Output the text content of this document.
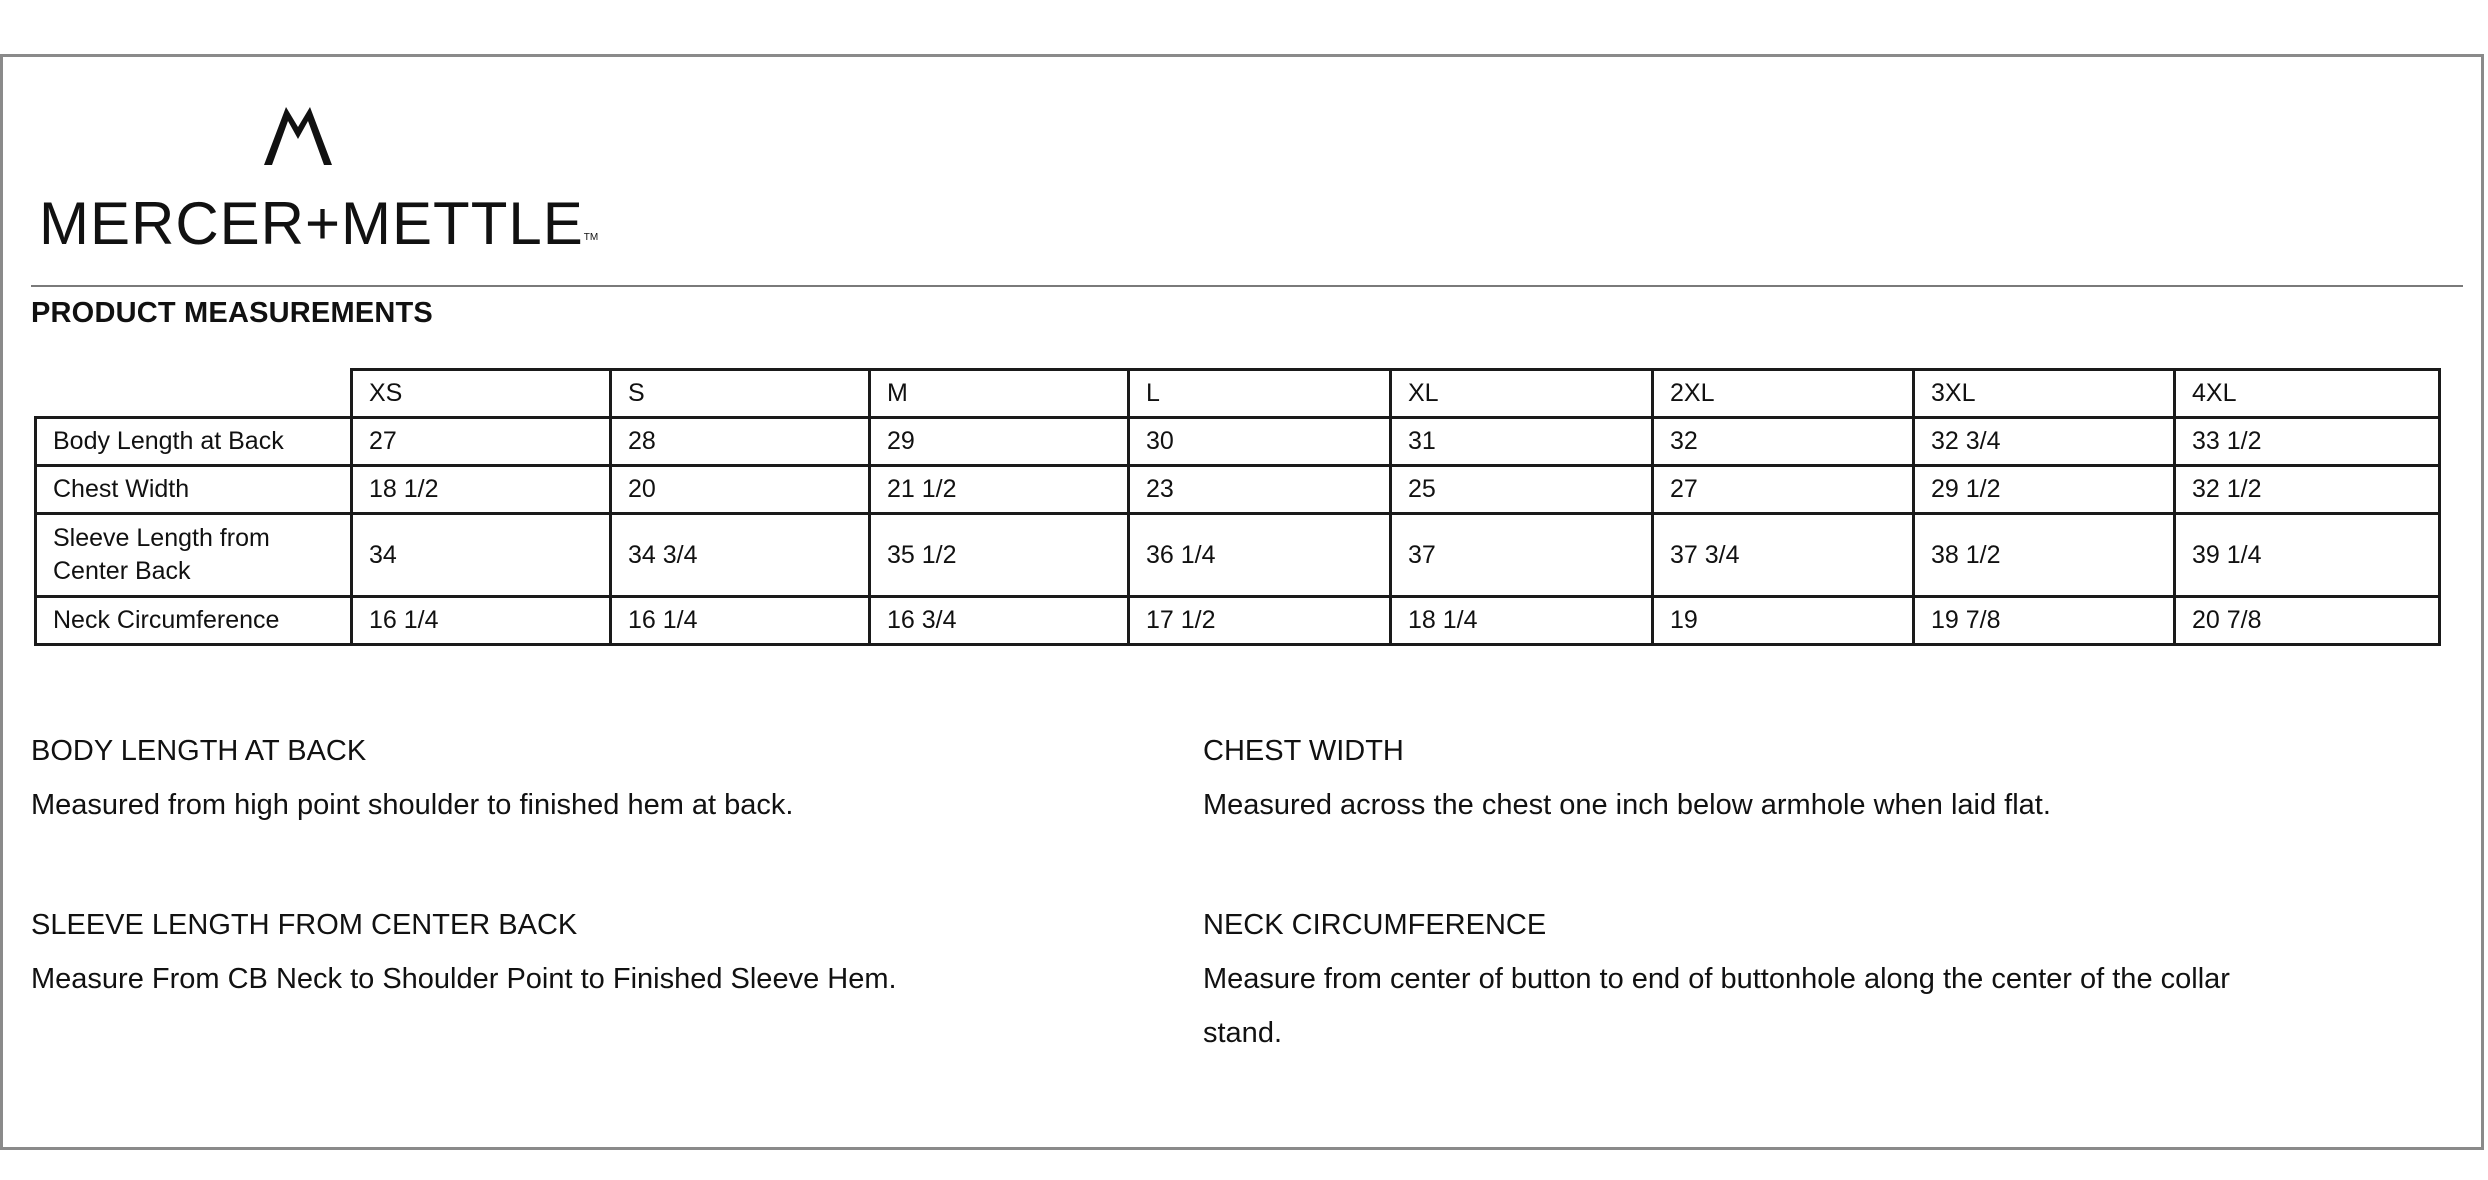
MERCER+METTLE™
PRODUCT MEASUREMENTS
	XS	S	M	L	XL	2XL	3XL	4XL
Body Length at Back	27	28	29	30	31	32	32 3/4	33 1/2
Chest Width	18 1/2	20	21 1/2	23	25	27	29 1/2	32 1/2
Sleeve Length from Center Back	34	34 3/4	35 1/2	36 1/4	37	37 3/4	38 1/2	39 1/4
Neck Circumference	16 1/4	16 1/4	16 3/4	17 1/2	18 1/4	19	19 7/8	20 7/8

BODY LENGTH AT BACK

Measured from high point shoulder to finished hem at back.

CHEST WIDTH

Measured across the chest one inch below armhole when laid flat.

SLEEVE LENGTH FROM CENTER BACK

Measure From CB Neck to Shoulder Point to Finished Sleeve Hem.

NECK CIRCUMFERENCE

Measure from center of button to end of buttonhole along the center of the collar stand.
